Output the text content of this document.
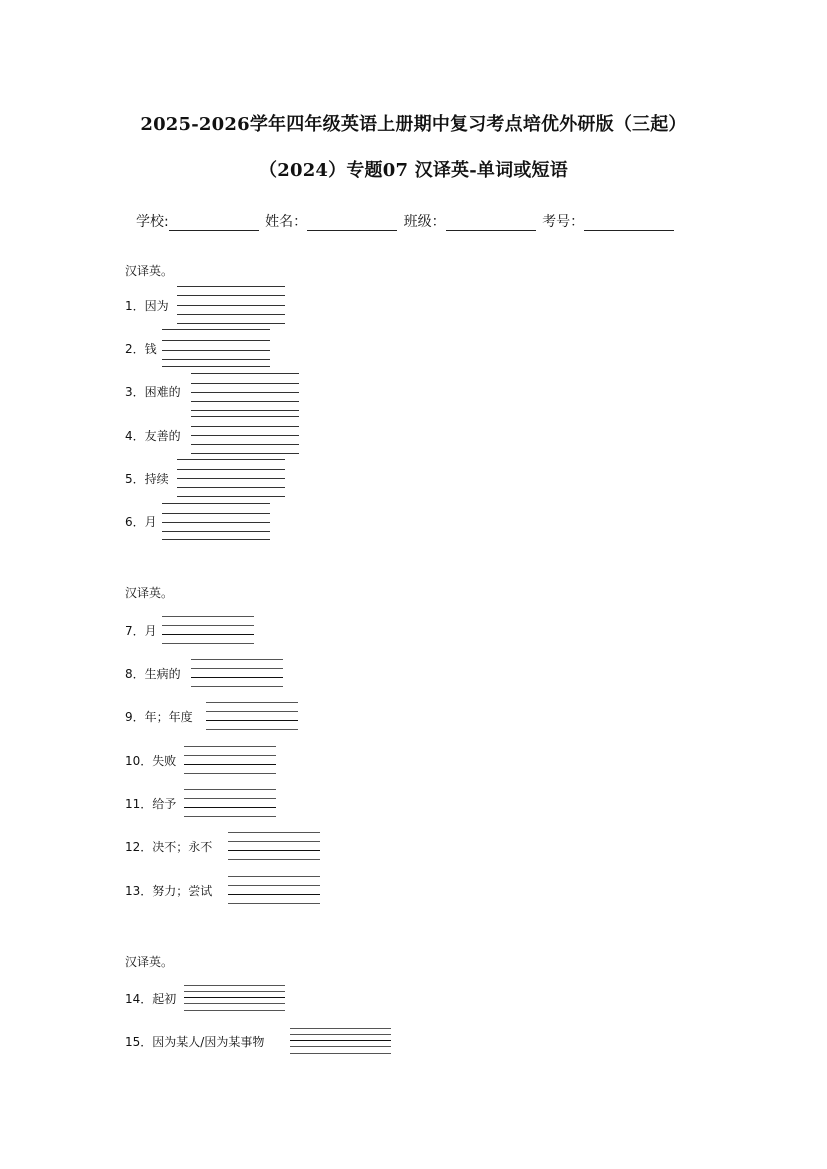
2025-2026学年四年级英语上册期中复习考点培优外研版（三起）
（2024）专题07 汉译英-单词或短语
学校:	姓名：	班级：	考号：
汉译英。
1．因为
2．钱
3．困难的
4．友善的
5．持续
6．月
汉译英。
7．月
8．生病的
9．年；年度
10．失败
11．给予
12．决不；永不
13．努力；尝试
汉译英。
14．起初
15．因为某人/因为某事物
